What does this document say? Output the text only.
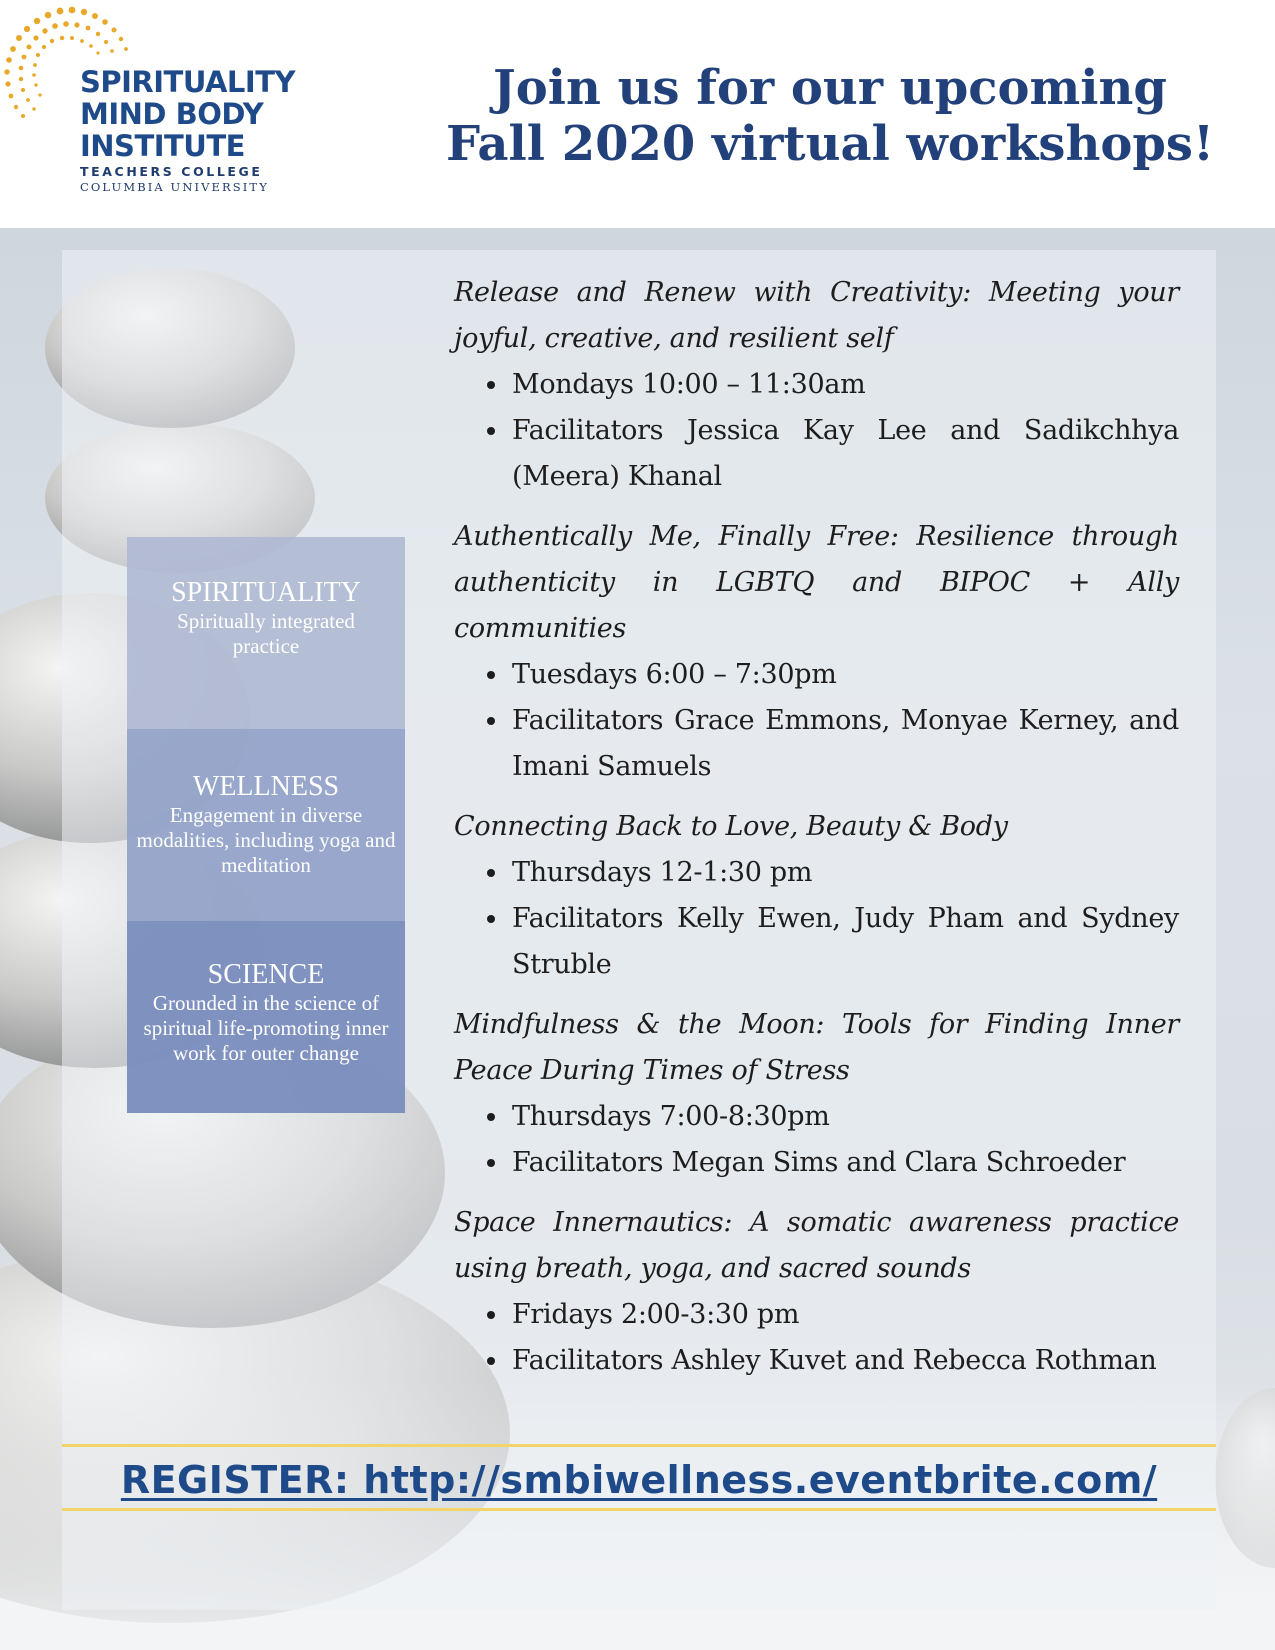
SPIRITUALITY
MIND BODY
INSTITUTE
TEACHERS COLLEGE
COLUMBIA UNIVERSITY
Join us for our upcoming
Fall 2020 virtual workshops!
SPIRITUALITY
Spiritually integrated practice
WELLNESS
Engagement in diverse modalities, including yoga and meditation
SCIENCE
Grounded in the science of spiritual life-promoting inner work for outer change
Release and Renew with Creativity: Meeting your joyful, creative, and resilient self
Mondays 10:00 – 11:30am
Facilitators Jessica Kay Lee and Sadikchhya (Meera) Khanal
Authentically Me, Finally Free: Resilience through authenticity in LGBTQ and BIPOC + Ally communities
Tuesdays 6:00 – 7:30pm
Facilitators Grace Emmons, Monyae Kerney, and Imani Samuels
Connecting Back to Love, Beauty & Body
Thursdays 12-1:30 pm
Facilitators Kelly Ewen, Judy Pham and Sydney Struble
Mindfulness & the Moon: Tools for Finding Inner Peace During Times of Stress
Thursdays 7:00-8:30pm
Facilitators Megan Sims and Clara Schroeder
Space Innernautics: A somatic awareness practice using breath, yoga, and sacred sounds
Fridays 2:00-3:30 pm
Facilitators Ashley Kuvet and Rebecca Rothman
REGISTER: http://smbiwellness.eventbrite.com/
